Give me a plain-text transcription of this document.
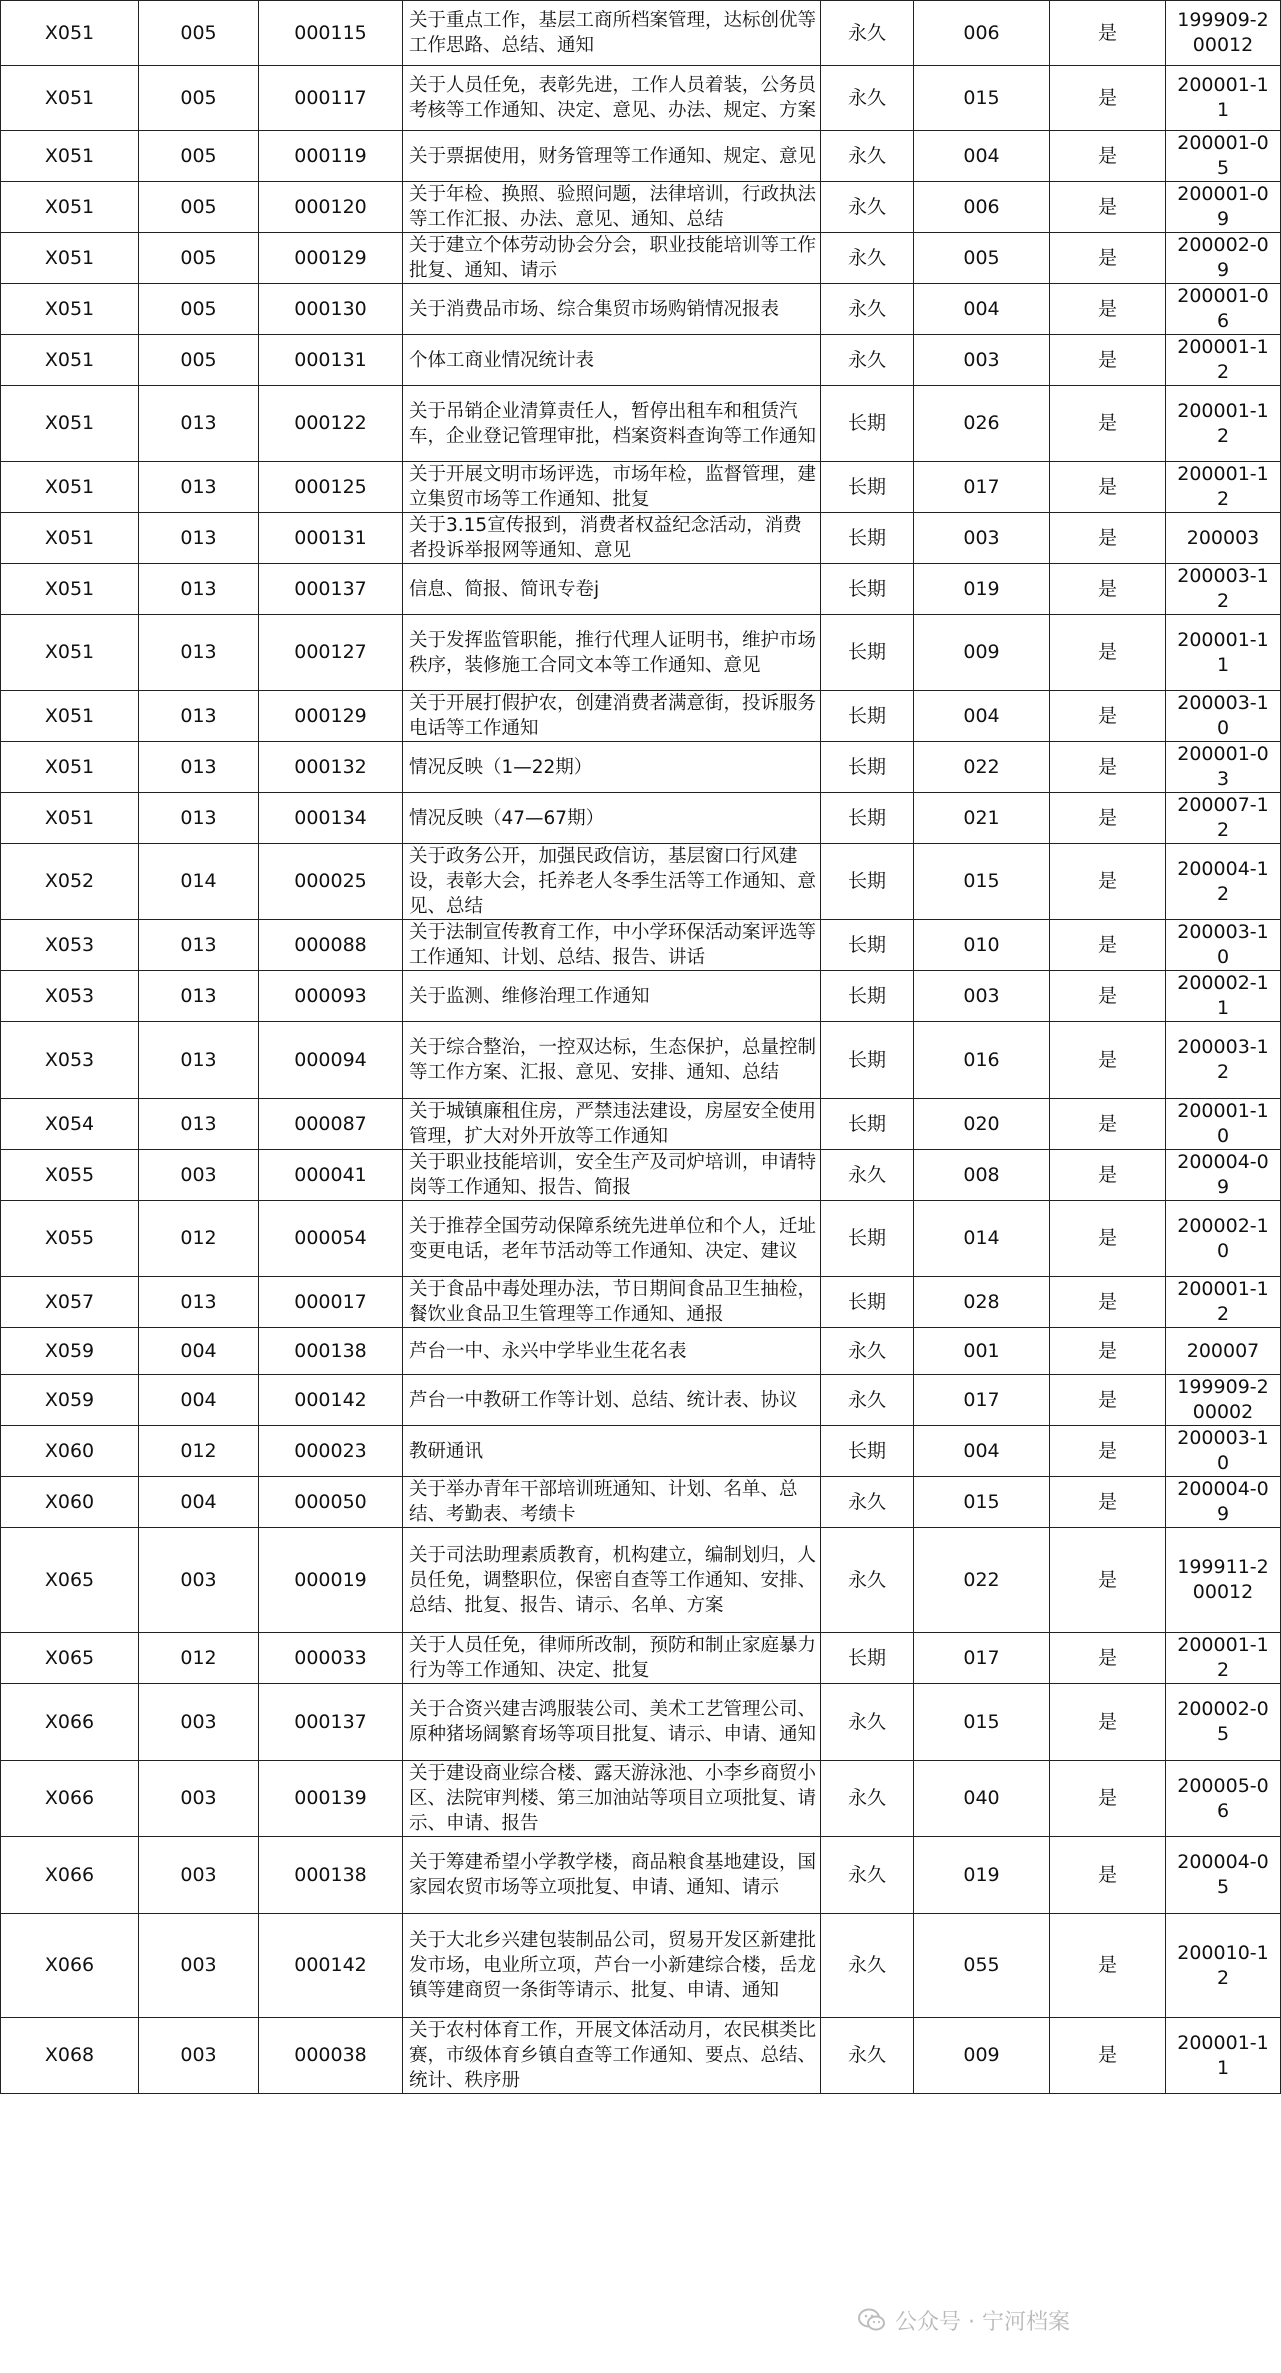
X051	005	000115	关于重点工作，基层工商所档案管理，达标创优等工作思路、总结、通知	永久	006	是	199909-200012
X051	005	000117	关于人员任免，表彰先进，工作人员着装，公务员考核等工作通知、决定、意见、办法、规定、方案	永久	015	是	200001-11
X051	005	000119	关于票据使用，财务管理等工作通知、规定、意见	永久	004	是	200001-05
X051	005	000120	关于年检、换照、验照问题，法律培训，行政执法等工作汇报、办法、意见、通知、总结	永久	006	是	200001-09
X051	005	000129	关于建立个体劳动协会分会，职业技能培训等工作批复、通知、请示	永久	005	是	200002-09
X051	005	000130	关于消费品市场、综合集贸市场购销情况报表	永久	004	是	200001-06
X051	005	000131	个体工商业情况统计表	永久	003	是	200001-12
X051	013	000122	关于吊销企业清算责任人，暂停出租车和租赁汽车，企业登记管理审批，档案资料查询等工作通知	长期	026	是	200001-12
X051	013	000125	关于开展文明市场评选，市场年检，监督管理，建立集贸市场等工作通知、批复	长期	017	是	200001-12
X051	013	000131	关于3.15宣传报到，消费者权益纪念活动，消费者投诉举报网等通知、意见	长期	003	是	200003
X051	013	000137	信息、简报、简讯专卷j	长期	019	是	200003-12
X051	013	000127	关于发挥监管职能，推行代理人证明书，维护市场秩序，装修施工合同文本等工作通知、意见	长期	009	是	200001-11
X051	013	000129	关于开展打假护农，创建消费者满意街，投诉服务电话等工作通知	长期	004	是	200003-10
X051	013	000132	情况反映（1—22期）	长期	022	是	200001-03
X051	013	000134	情况反映（47—67期）	长期	021	是	200007-12
X052	014	000025	关于政务公开，加强民政信访，基层窗口行风建设，表彰大会，托养老人冬季生活等工作通知、意见、总结	长期	015	是	200004-12
X053	013	000088	关于法制宣传教育工作，中小学环保活动案评选等工作通知、计划、总结、报告、讲话	长期	010	是	200003-10
X053	013	000093	关于监测、维修治理工作通知	长期	003	是	200002-11
X053	013	000094	关于综合整治，一控双达标，生态保护，总量控制等工作方案、汇报、意见、安排、通知、总结	长期	016	是	200003-12
X054	013	000087	关于城镇廉租住房，严禁违法建设，房屋安全使用管理，扩大对外开放等工作通知	长期	020	是	200001-10
X055	003	000041	关于职业技能培训，安全生产及司炉培训，申请特岗等工作通知、报告、简报	永久	008	是	200004-09
X055	012	000054	关于推荐全国劳动保障系统先进单位和个人，迁址变更电话，老年节活动等工作通知、决定、建议	长期	014	是	200002-10
X057	013	000017	关于食品中毒处理办法，节日期间食品卫生抽检，餐饮业食品卫生管理等工作通知、通报	长期	028	是	200001-12
X059	004	000138	芦台一中、永兴中学毕业生花名表	永久	001	是	200007
X059	004	000142	芦台一中教研工作等计划、总结、统计表、协议	永久	017	是	199909-200002
X060	012	000023	教研通讯	长期	004	是	200003-10
X060	004	000050	关于举办青年干部培训班通知、计划、名单、总结、考勤表、考绩卡	永久	015	是	200004-09
X065	003	000019	关于司法助理素质教育，机构建立，编制划归，人员任免，调整职位，保密自查等工作通知、安排、总结、批复、报告、请示、名单、方案	永久	022	是	199911-200012
X065	012	000033	关于人员任免，律师所改制，预防和制止家庭暴力行为等工作通知、决定、批复	长期	017	是	200001-12
X066	003	000137	关于合资兴建吉鸿服装公司、美术工艺管理公司、原种猪场阔繁育场等项目批复、请示、申请、通知	永久	015	是	200002-05
X066	003	000139	关于建设商业综合楼、露天游泳池、小李乡商贸小区、法院审判楼、第三加油站等项目立项批复、请示、申请、报告	永久	040	是	200005-06
X066	003	000138	关于筹建希望小学教学楼，商品粮食基地建设，国家园农贸市场等立项批复、申请、通知、请示	永久	019	是	200004-05
X066	003	000142	关于大北乡兴建包装制品公司，贸易开发区新建批发市场，电业所立项，芦台一小新建综合楼，岳龙镇等建商贸一条街等请示、批复、申请、通知	永久	055	是	200010-12
X068	003	000038	关于农村体育工作，开展文体活动月，农民棋类比赛，市级体育乡镇自查等工作通知、要点、总结、统计、秩序册	永久	009	是	200001-11
公众号 · 宁河档案
